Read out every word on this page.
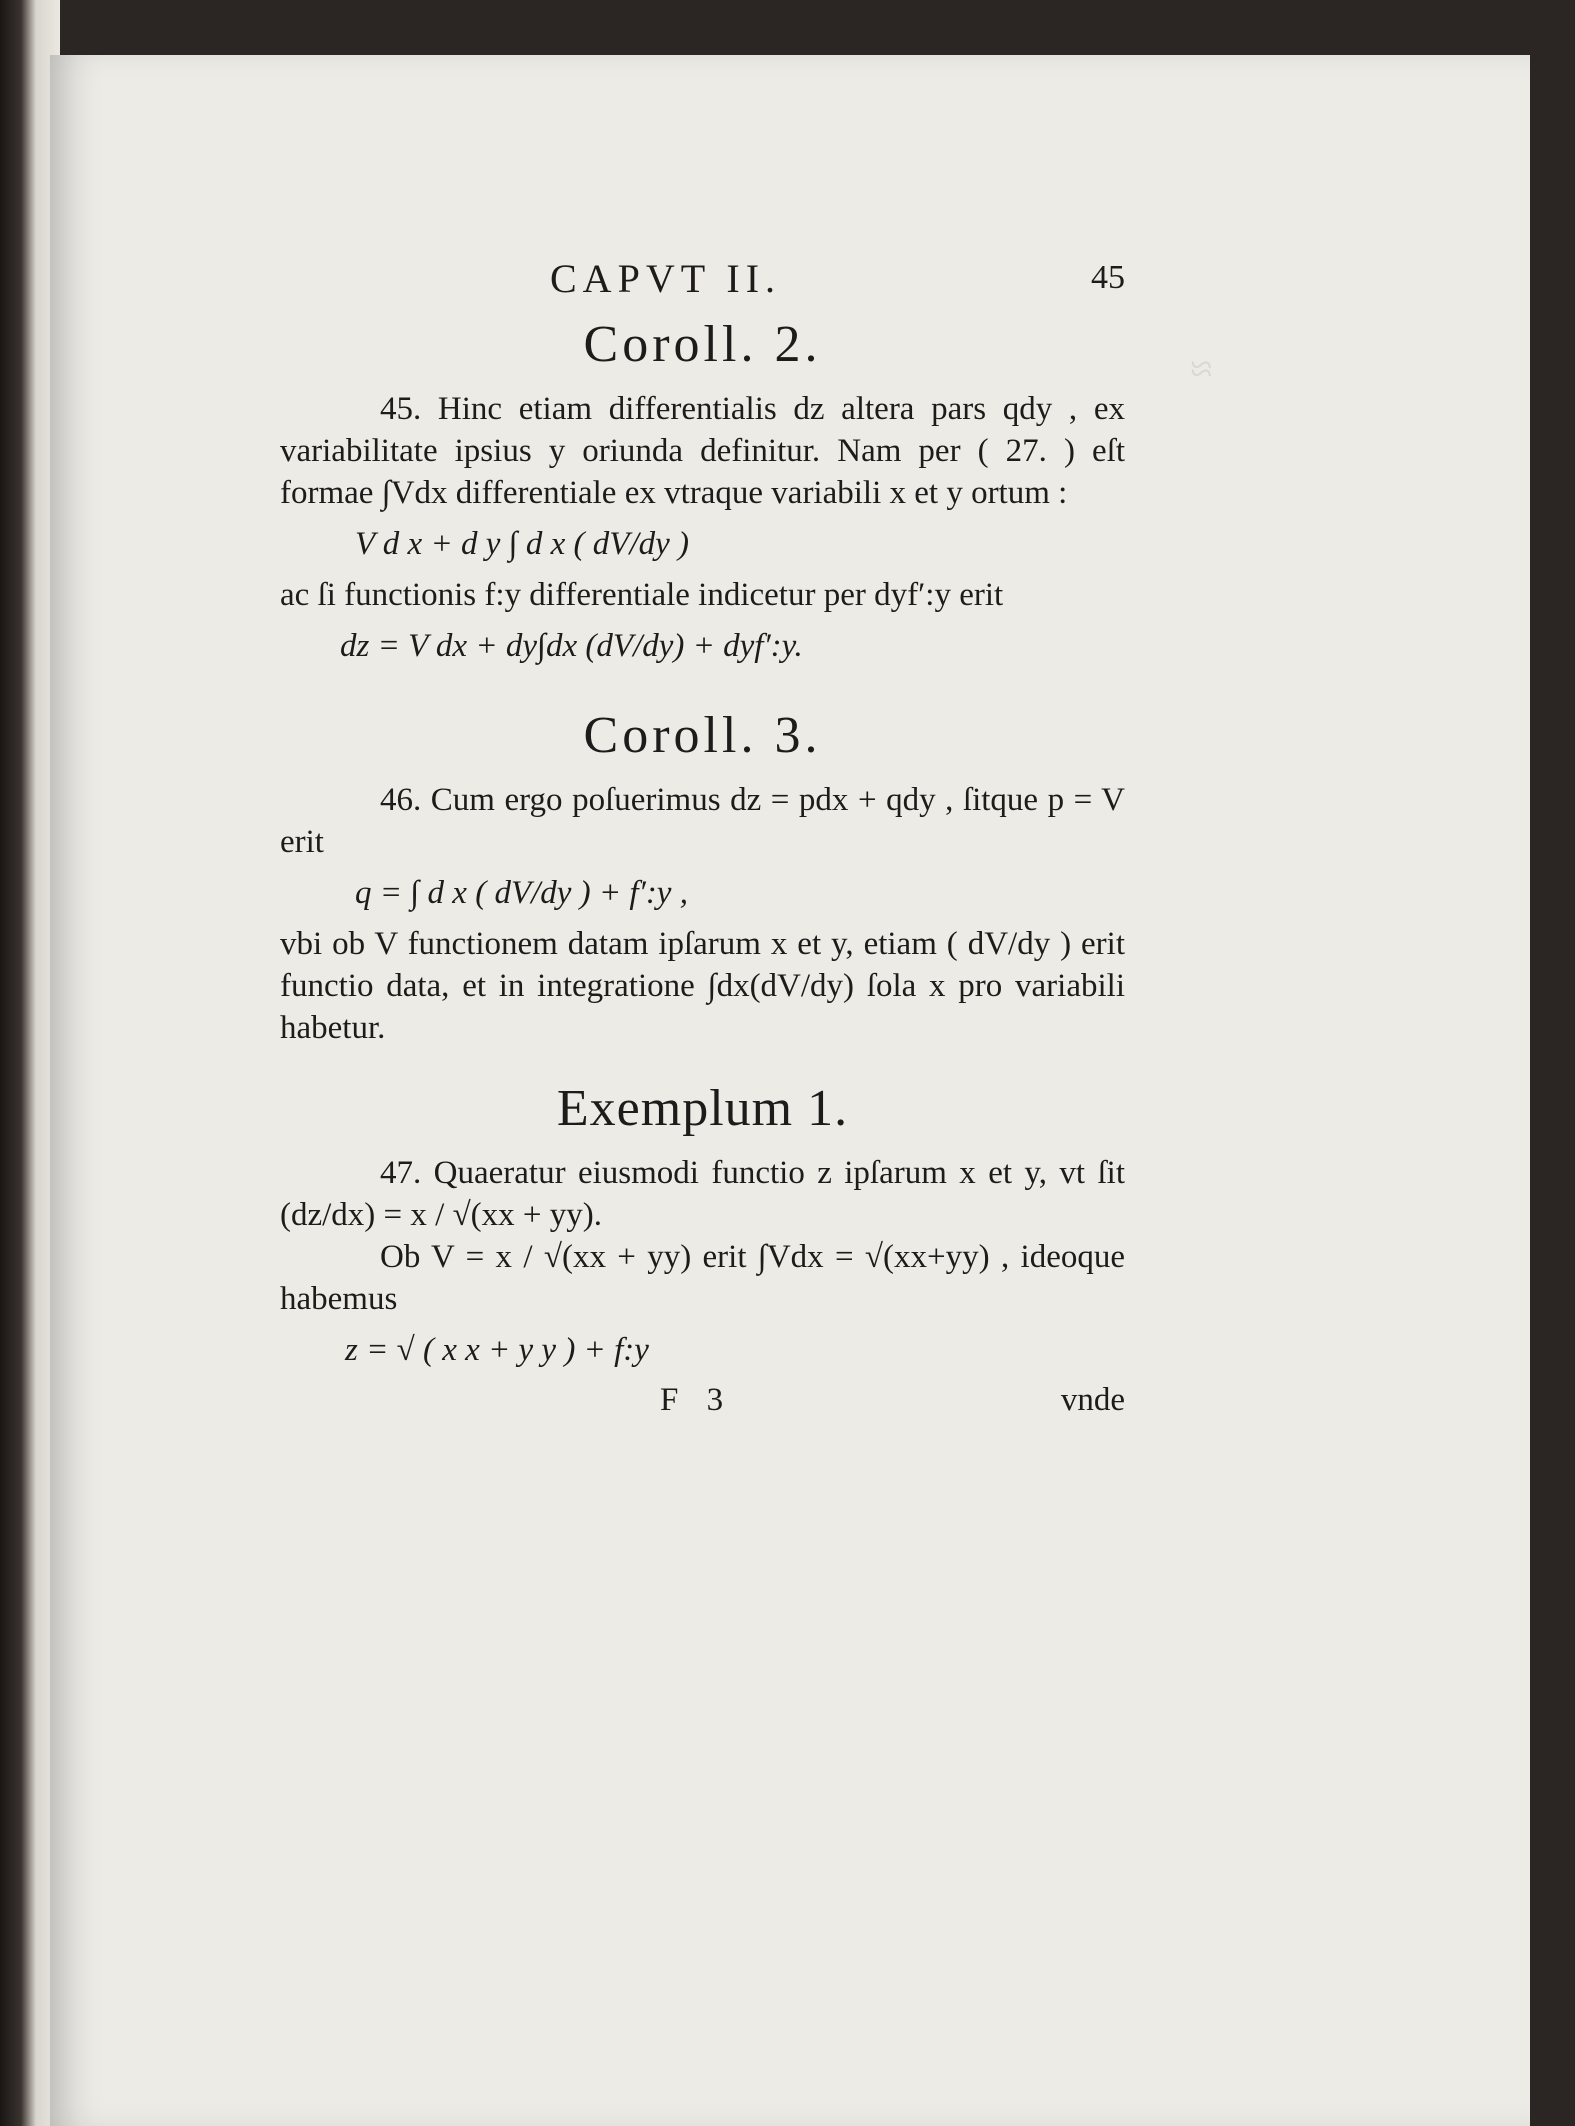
≈
CAPVT II.	45
Coroll. 2.

45. Hinc etiam differentialis dz altera pars qdy , ex variabilitate ipsius y oriunda definitur. Nam per ( 27. ) eſt formae ∫Vdx differentiale ex vtraque variabili x et y ortum :

V d x + d y ∫ d x ( dV/dy )

ac ſi functionis f:y differentiale indicetur per dyf′:y erit

dz = V dx + dy∫dx (dV/dy) + dyf′:y.
Coroll. 3.

46. Cum ergo poſuerimus dz = pdx + qdy , ſitque p = V erit

q = ∫ d x ( dV/dy ) + f′:y ,

vbi ob V functionem datam ipſarum x et y, etiam ( dV/dy ) erit functio data, et in integratione ∫dx(dV/dy) ſola x pro variabili habetur.

Exemplum 1.

47. Quaeratur eiusmodi functio z ipſarum x et y, vt ſit (dz/dx) = x / √(xx + yy).

Ob V = x / √(xx + yy) erit ∫Vdx = √(xx+yy) , ideoque habemus

z = √ ( x x + y y ) + f:y
F 3	vnde
